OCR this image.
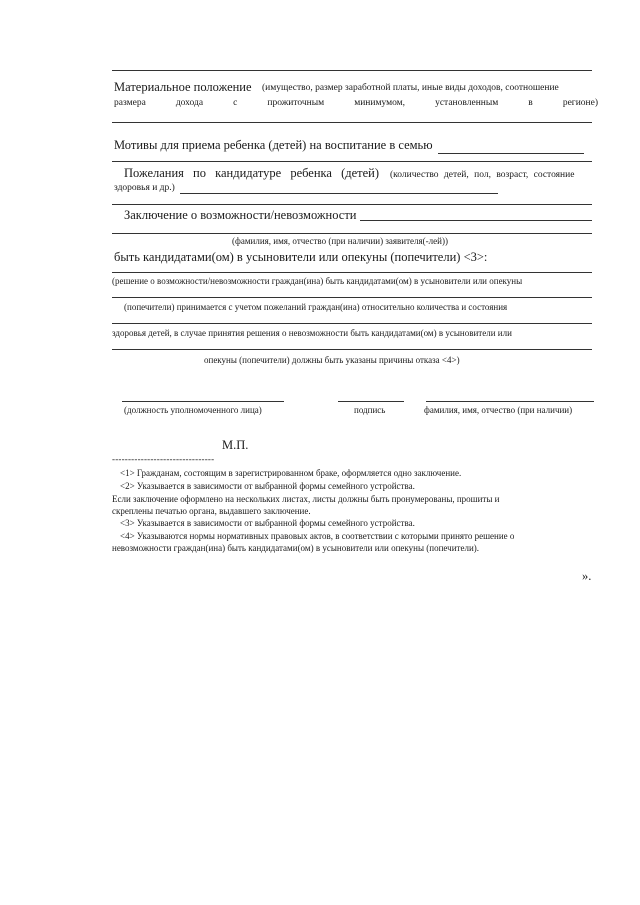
Материальное положение (имущество, размер заработной платы, иные виды доходов, соотношение
размера	дохода	с	прожиточным	минимумом,	установленным	в	регионе)
Мотивы для приема ребенка (детей) на воспитание в семью
Пожелания по кандидатуре ребенка (детей) (количество детей, пол, возраст, состояние
здоровья и др.)
Заключение о возможности/невозможности
(фамилия, имя, отчество (при наличии) заявителя(-лей))
быть кандидатами(ом) в усыновители или опекуны (попечители) <3>:
(решение о возможности/невозможности граждан(ина) быть кандидатами(ом) в усыновители или опекуны
(попечители) принимается с учетом пожеланий граждан(ина) относительно количества и состояния
здоровья детей, в случае принятия решения о невозможности быть кандидатами(ом) в усыновители или
опекуны (попечители) должны быть указаны причины отказа <4>)
(должность уполномоченного лица)	подпись	фамилия, имя, отчество (при наличии)
М.П.
--------------------------------
<1> Гражданам, состоящим в зарегистрированном браке, оформляется одно заключение.
<2> Указывается в зависимости от выбранной формы семейного устройства.
Если заключение оформлено на нескольких листах, листы должны быть пронумерованы, прошиты и
скреплены печатью органа, выдавшего заключение.
<3> Указывается в зависимости от выбранной формы семейного устройства.
<4> Указываются нормы нормативных правовых актов, в соответствии с которыми принято решение о
невозможности граждан(ина) быть кандидатами(ом) в усыновители или опекуны (попечители).
».
